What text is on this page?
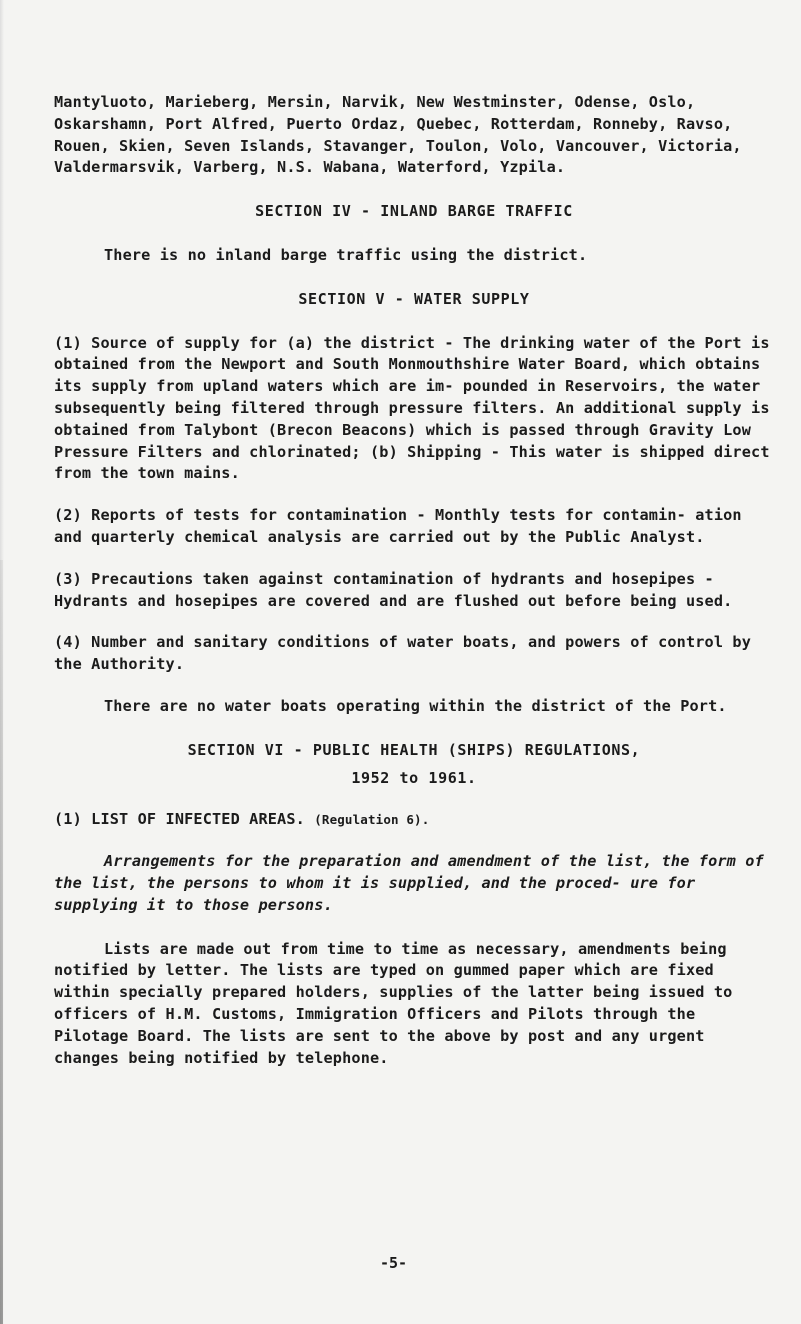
Mantyluoto, Marieberg, Mersin, Narvik, New Westminster, Odense, Oslo, Oskarshamn, Port Alfred, Puerto Ordaz, Quebec, Rotterdam, Ronneby, Ravso, Rouen, Skien, Seven Islands, Stavanger, Toulon, Volo, Vancouver, Victoria, Valdermarsvik, Varberg, N.S. Wabana, Waterford, Yzpila.

SECTION IV - INLAND BARGE TRAFFIC

There is no inland barge traffic using the district.

SECTION V - WATER SUPPLY

(1) Source of supply for (a) the district - The drinking water of the Port is obtained from the Newport and South Monmouthshire Water Board, which obtains its supply from upland waters which are im- pounded in Reservoirs, the water subsequently being filtered through pressure filters. An additional supply is obtained from Talybont (Brecon Beacons) which is passed through Gravity Low Pressure Filters and chlorinated; (b) Shipping - This water is shipped direct from the town mains.

(2) Reports of tests for contamination - Monthly tests for contamin- ation and quarterly chemical analysis are carried out by the Public Analyst.

(3) Precautions taken against contamination of hydrants and hosepipes - Hydrants and hosepipes are covered and are flushed out before being used.

(4) Number and sanitary conditions of water boats, and powers of control by the Authority.

There are no water boats operating within the district of the Port.

SECTION VI - PUBLIC HEALTH (SHIPS) REGULATIONS,

1952 to 1961.

(1) LIST OF INFECTED AREAS. (Regulation 6).

Arrangements for the preparation and amendment of the list, the form of the list, the persons to whom it is supplied, and the proced- ure for supplying it to those persons.

Lists are made out from time to time as necessary, amendments being notified by letter. The lists are typed on gummed paper which are fixed within specially prepared holders, supplies of the latter being issued to officers of H.M. Customs, Immigration Officers and Pilots through the Pilotage Board. The lists are sent to the above by post and any urgent changes being notified by telephone.

-5-
